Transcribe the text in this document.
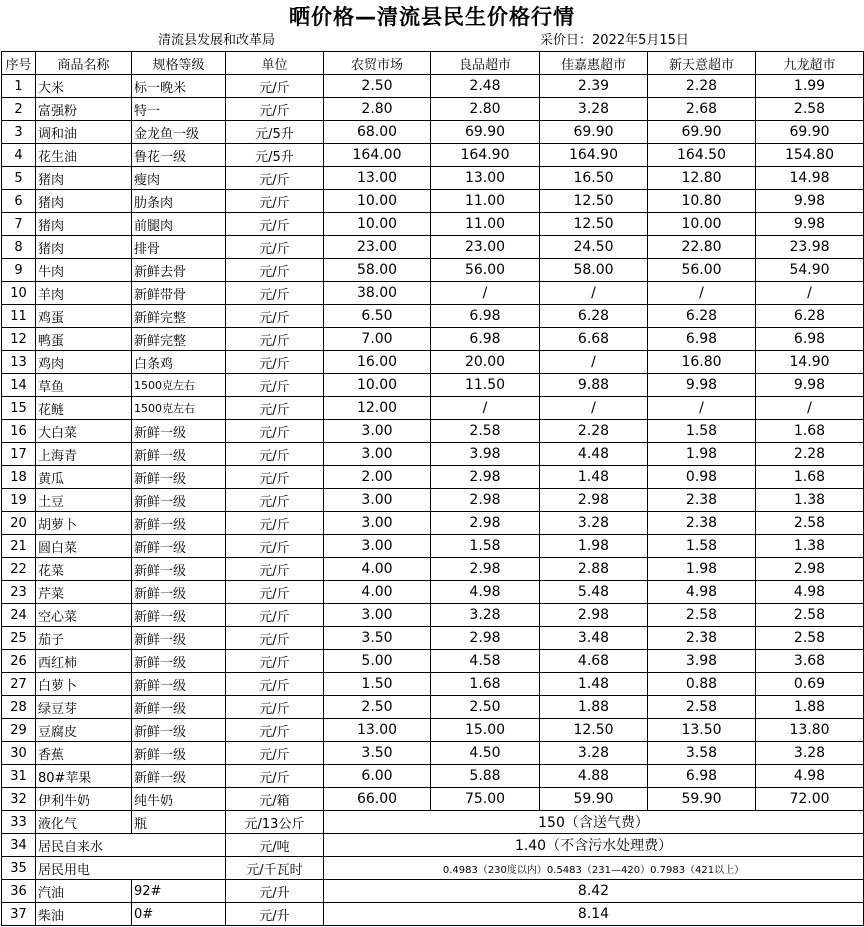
晒价格—清流县民生价格行情
清流县发展和改革局	采价日：2022年5月15日
序号	商品名称	规格等级	单位	农贸市场	良品超市	佳嘉惠超市	新天意超市	九龙超市
1	大米	标一晚米	元/斤	2.50	2.48	2.39	2.28	1.99
2	富强粉	特一	元/斤	2.80	2.80	3.28	2.68	2.58
3	调和油	金龙鱼一级	元/5升	68.00	69.90	69.90	69.90	69.90
4	花生油	鲁花一级	元/5升	164.00	164.90	164.90	164.50	154.80
5	猪肉	瘦肉	元/斤	13.00	13.00	16.50	12.80	14.98
6	猪肉	肋条肉	元/斤	10.00	11.00	12.50	10.80	9.98
7	猪肉	前腿肉	元/斤	10.00	11.00	12.50	10.00	9.98
8	猪肉	排骨	元/斤	23.00	23.00	24.50	22.80	23.98
9	牛肉	新鲜去骨	元/斤	58.00	56.00	58.00	56.00	54.90
10	羊肉	新鲜带骨	元/斤	38.00	/	/	/	/
11	鸡蛋	新鲜完整	元/斤	6.50	6.98	6.28	6.28	6.28
12	鸭蛋	新鲜完整	元/斤	7.00	6.98	6.68	6.98	6.98
13	鸡肉	白条鸡	元/斤	16.00	20.00	/	16.80	14.90
14	草鱼	1500克左右	元/斤	10.00	11.50	9.88	9.98	9.98
15	花鲢	1500克左右	元/斤	12.00	/	/	/	/
16	大白菜	新鲜一级	元/斤	3.00	2.58	2.28	1.58	1.68
17	上海青	新鲜一级	元/斤	3.00	3.98	4.48	1.98	2.28
18	黄瓜	新鲜一级	元/斤	2.00	2.98	1.48	0.98	1.68
19	土豆	新鲜一级	元/斤	3.00	2.98	2.98	2.38	1.38
20	胡萝卜	新鲜一级	元/斤	3.00	2.98	3.28	2.38	2.58
21	圆白菜	新鲜一级	元/斤	3.00	1.58	1.98	1.58	1.38
22	花菜	新鲜一级	元/斤	4.00	2.98	2.88	1.98	2.98
23	芹菜	新鲜一级	元/斤	4.00	4.98	5.48	4.98	4.98
24	空心菜	新鲜一级	元/斤	3.00	3.28	2.98	2.58	2.58
25	茄子	新鲜一级	元/斤	3.50	2.98	3.48	2.38	2.58
26	西红柿	新鲜一级	元/斤	5.00	4.58	4.68	3.98	3.68
27	白萝卜	新鲜一级	元/斤	1.50	1.68	1.48	0.88	0.69
28	绿豆芽	新鲜一级	元/斤	2.50	2.50	1.88	2.58	1.88
29	豆腐皮	新鲜一级	元/斤	13.00	15.00	12.50	13.50	13.80
30	香蕉	新鲜一级	元/斤	3.50	4.50	3.28	3.58	3.28
31	80#苹果	新鲜一级	元/斤	6.00	5.88	4.88	6.98	4.98
32	伊利牛奶	纯牛奶	元/箱	66.00	75.00	59.90	59.90	72.00
33	液化气	瓶	元/13公斤	150（含送气费）				
34	居民自来水		元/吨	1.40（不含污水处理费）				
35	居民用电		元/千瓦时	0.4983（230度以内）0.5483（231—420）0.7983（421以上）				
36	汽油	92#	元/升	8.42				
37	柴油	0#	元/升	8.14				
